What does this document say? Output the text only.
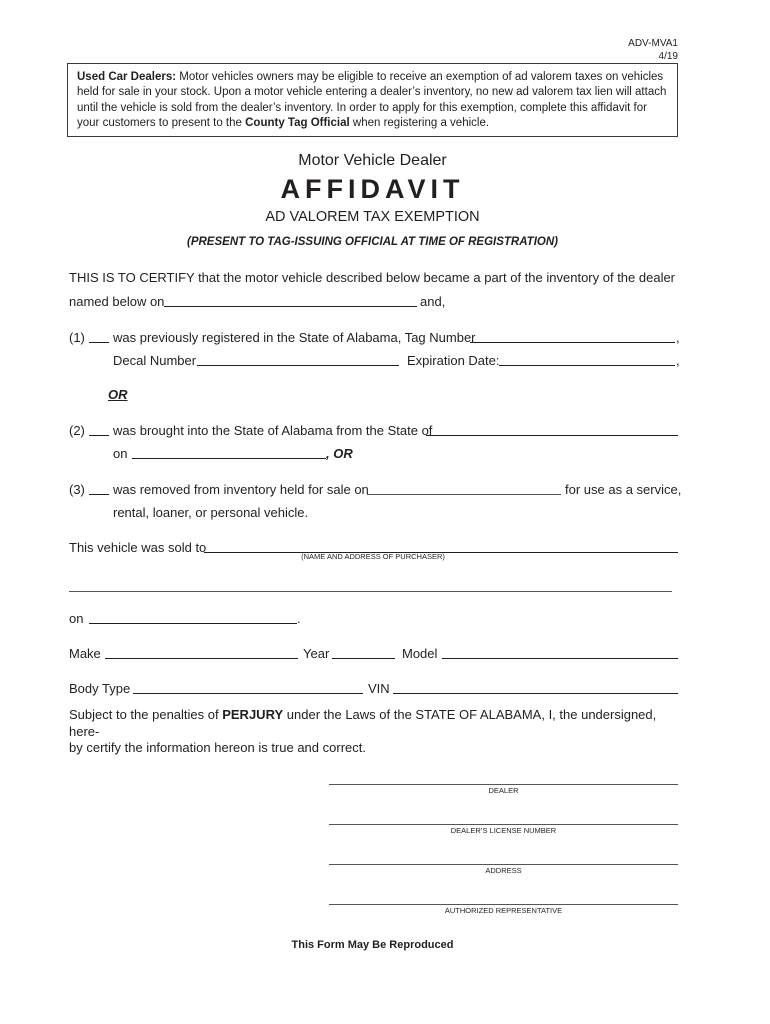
ADV-MVA1
4/19
Used Car Dealers: Motor vehicles owners may be eligible to receive an exemption of ad valorem taxes on vehicles held for sale in your stock. Upon a motor vehicle entering a dealer’s inventory, no new ad valorem tax lien will attach until the vehicle is sold from the dealer’s inventory. In order to apply for this exemption, complete this affidavit for your customers to present to the County Tag Official when registering a vehicle.
Motor Vehicle Dealer
AFFIDAVIT
AD VALOREM TAX EXEMPTION
(PRESENT TO TAG-ISSUING OFFICIAL AT TIME OF REGISTRATION)
THIS IS TO CERTIFY that the motor vehicle described below became a part of the inventory of the dealer
named below on	and,
(1) was previously registered in the State of Alabama, Tag Number	,
Decal Number	Expiration Date:	,
OR
(2) was brought into the State of Alabama from the State of
on	, OR
(3) was removed from inventory held for sale on	for use as a service,
rental, loaner, or personal vehicle.
This vehicle was sold to
(NAME AND ADDRESS OF PURCHASER)
on	.
Make	Year	Model
Body Type	VIN
Subject to the penalties of PERJURY under the Laws of the STATE OF ALABAMA, I, the undersigned, here-
by certify the information hereon is true and correct.
DEALER
DEALER’S LICENSE NUMBER
ADDRESS
AUTHORIZED REPRESENTATIVE
This Form May Be Reproduced
